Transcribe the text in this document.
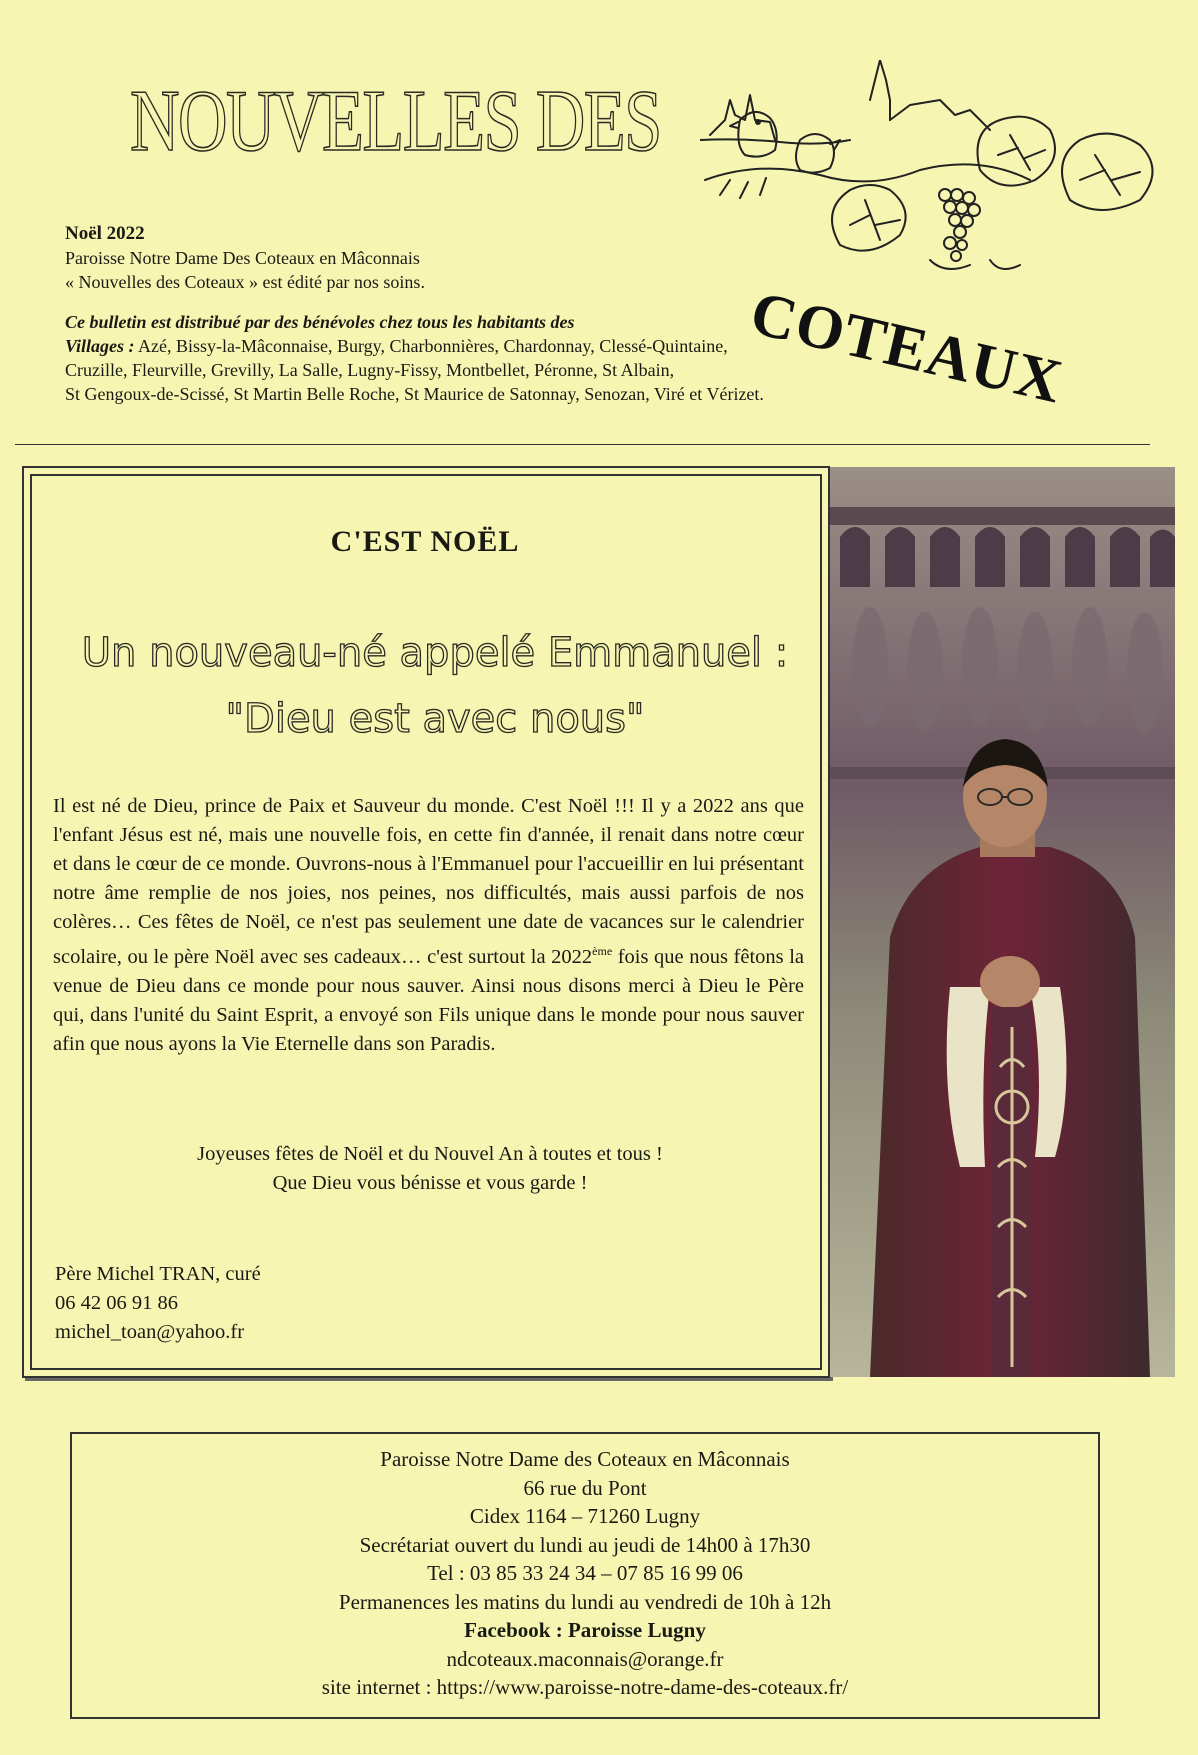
NOUVELLES DES
COTEAUX
Noël 2022
Paroisse Notre Dame Des Coteaux en Mâconnais
« Nouvelles des Coteaux » est édité par nos soins.
Ce bulletin est distribué par des bénévoles chez tous les habitants des
Villages : Azé, Bissy-la-Mâconnaise, Burgy, Charbonnières, Chardonnay, Clessé-Quintaine,
Cruzille, Fleurville, Grevilly, La Salle, Lugny-Fissy, Montbellet, Péronne, St Albain,
St Gengoux-de-Scissé, St Martin Belle Roche, St Maurice de Satonnay, Senozan, Viré et Vérizet.
C'EST NOËL
Un nouveau-né appelé Emmanuel :
"Dieu est avec nous"

Il est né de Dieu, prince de Paix et Sauveur du monde. C'est Noël !!! Il y a 2022 ans que l'enfant Jésus est né, mais une nouvelle fois, en cette fin d'année, il renait dans notre cœur et dans le cœur de ce monde. Ouvrons-nous à l'Emmanuel pour l'accueillir en lui présentant notre âme remplie de nos joies, nos peines, nos difficultés, mais aussi parfois de nos colères… Ces fêtes de Noël, ce n'est pas seulement une date de vacances sur le calendrier scolaire, ou le père Noël avec ses cadeaux… c'est surtout la 2022ème fois que nous fêtons la venue de Dieu dans ce monde pour nous sauver. Ainsi nous disons merci à Dieu le Père qui, dans l'unité du Saint Esprit, a envoyé son Fils unique dans le monde pour nous sauver afin que nous ayons la Vie Eternelle dans son Paradis.

Joyeuses fêtes de Noël et du Nouvel An à toutes et tous !
Que Dieu vous bénisse et vous garde !
Père Michel TRAN, curé
06 42 06 91 86
michel_toan@yahoo.fr
Paroisse Notre Dame des Coteaux en Mâconnais
66 rue du Pont
Cidex 1164 – 71260 Lugny
Secrétariat ouvert du lundi au jeudi de 14h00 à 17h30
Tel : 03 85 33 24 34 – 07 85 16 99 06
Permanences les matins du lundi au vendredi de 10h à 12h
Facebook : Paroisse Lugny
ndcoteaux.maconnais@orange.fr
site internet : https://www.paroisse-notre-dame-des-coteaux.fr/
